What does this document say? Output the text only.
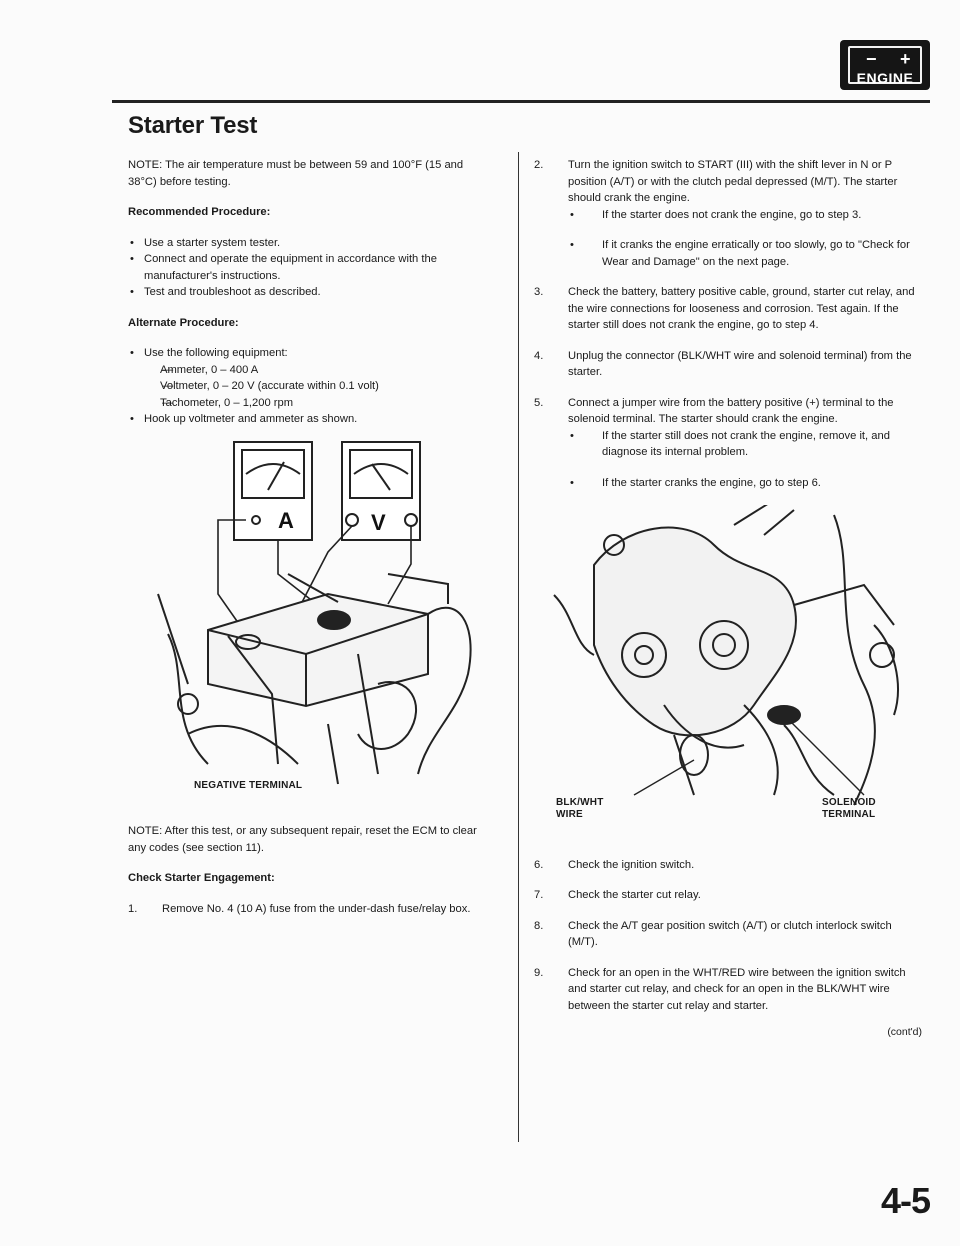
− +
ENGINE
Starter Test

NOTE: The air temperature must be between 59 and 100°F (15 and 38°C) before testing.

Recommended Procedure:

• Use a starter system tester.
• Connect and operate the equipment in accordance with the manufacturer's instructions.
• Test and troubleshoot as described.

Alternate Procedure:

• Use the following equipment:
— Ammeter, 0 – 400 A
— Voltmeter, 0 – 20 V (accurate within 0.1 volt)
— Tachometer, 0 – 1,200 rpm
• Hook up voltmeter and ammeter as shown.
A	V
NEGATIVE TERMINAL

NOTE: After this test, or any subsequent repair, reset the ECM to clear any codes (see section 11).

Check Starter Engagement:

1. Remove No. 4 (10 A) fuse from the under-dash fuse/relay box.
2. Turn the ignition switch to START (III) with the shift lever in N or P position (A/T) or with the clutch pedal depressed (M/T). The starter should crank the engine.
• If the starter does not crank the engine, go to step 3.
• If it cranks the engine erratically or too slowly, go to "Check for Wear and Damage" on the next page.
3. Check the battery, battery positive cable, ground, starter cut relay, and the wire connections for looseness and corrosion. Test again. If the starter still does not crank the engine, go to step 4.
4. Unplug the connector (BLK/WHT wire and solenoid terminal) from the starter.
5. Connect a jumper wire from the battery positive (+) terminal to the solenoid terminal. The starter should crank the engine.
• If the starter still does not crank the engine, remove it, and diagnose its internal problem.
• If the starter cranks the engine, go to step 6.
BLK/WHT
WIRE
SOLENOID
TERMINAL
6. Check the ignition switch.
7. Check the starter cut relay.
8. Check the A/T gear position switch (A/T) or clutch interlock switch (M/T).
9. Check for an open in the WHT/RED wire between the ignition switch and starter cut relay, and check for an open in the BLK/WHT wire between the starter cut relay and starter.
(cont'd)
4-5
